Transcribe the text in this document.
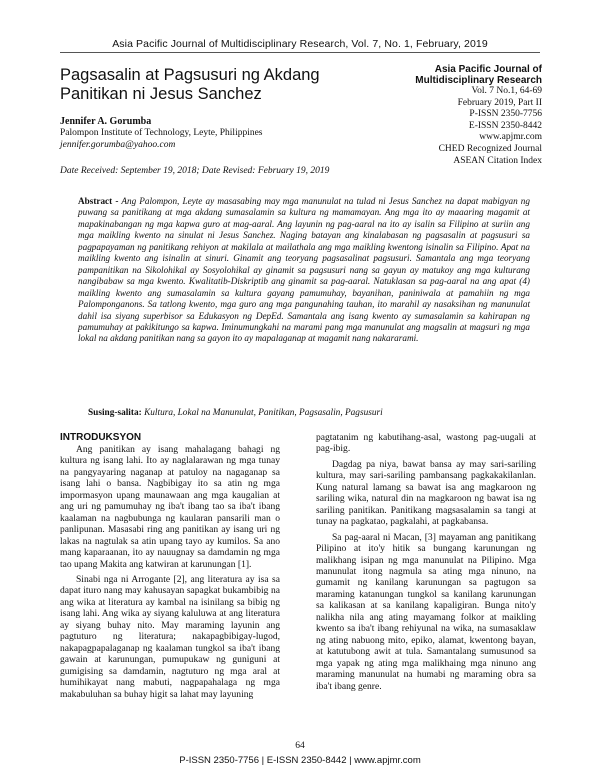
Asia Pacific Journal of Multidisciplinary Research, Vol. 7, No. 1, February, 2019
Pagsasalin at Pagsusuri ng Akdang Panitikan ni Jesus Sanchez
Jennifer A. Gorumba
Palompon Institute of Technology, Leyte, Philippines
jennifer.gorumba@yahoo.com
Date Received: September 19, 2018; Date Revised: February 19, 2019
Asia Pacific Journal of
Multidisciplinary Research
Vol. 7 No.1, 64-69
February 2019, Part II
P-ISSN 2350-7756
E-ISSN 2350-8442
www.apjmr.com
CHED Recognized Journal
ASEAN Citation Index
Abstract - Ang Palompon, Leyte ay masasabing may mga manunulat na tulad ni Jesus Sanchez na dapat mabigyan ng puwang sa panitikang at mga akdang sumasalamin sa kultura ng mamamayan. Ang mga ito ay maaaring magamit at mapakinabangan ng mga kapwa guro at mag-aaral. Ang layunin ng pag-aaral na ito ay isalin sa Filipino at suriin ang mga maikling kwento na sinulat ni Jesus Sanchez. Naging batayan ang kinalabasan ng pagsasalin at pagsusuri sa pagpapayaman ng panitikang rehiyon at makilala at mailathala ang mga maikling kwentong isinalin sa Filipino. Apat na maikling kwento ang isinalin at sinuri. Ginamit ang teoryang pagsasalinat pagsusuri. Samantala ang mga teoryang pampanitikan na Sikolohikal ay Sosyolohikal ay ginamit sa pagsusuri nang sa gayun ay matukoy ang mga kulturang nangibabaw sa mga kwento. Kwalitatib-Diskriptib ang ginamit sa pag-aaral. Natuklasan sa pag-aaral na ang apat (4) maikling kwento ang sumasalamin sa kultura gayang pamumuhay, bayanihan, paniniwala at pamahiin ng mga Palomponganons. Sa tatlong kwento, mga guro ang mga pangunahing tauhan, ito marahil ay nasaksihan ng manunulat dahil isa siyang superbisor sa Edukasyon ng DepEd. Samantala ang isang kwento ay sumasalamin sa kahirapan ng pamumuhay at pakikitungo sa kapwa. Iminumungkahi na marami pang mga manunulat ang magsalin at magsuri ng mga lokal na akdang panitikan nang sa gayon ito ay mapalaganap at magamit nang nakararami.
Susing-salita: Kultura, Lokal na Manunulat, Panitikan, Pagsasalin, Pagsusuri
INTRODUKSYON

Ang panitikan ay isang mahalagang bahagi ng kultura ng isang lahi. Ito ay naglalarawan ng mga tunay na pangyayaring naganap at patuloy na nagaganap sa isang lahi o bansa. Nagbibigay ito sa atin ng mga impormasyon upang maunawaan ang mga kaugalian at ang uri ng pamumuhay ng iba't ibang tao sa iba't ibang kaalaman na nagbubunga ng kaularan pansarili man o panlipunan. Masasabi ring ang panitikan ay isang uri ng lakas na nagtulak sa atin upang tayo ay kumilos. Sa ano mang kaparaanan, ito ay nauugnay sa damdamin ng mga tao upang Makita ang katwiran at karunungan [1].

Sinabi nga ni Arrogante [2], ang literatura ay isa sa dapat ituro nang may kahusayan sapagkat bukambibig na ang wika at literatura ay kambal na isinilang sa bibig ng isang lahi. Ang wika ay siyang kaluluwa at ang literatura ay siyang buhay nito. May maraming layunin ang pagtuturo ng literatura; nakapagbibigay-lugod, nakapagpapalaganap ng kaalaman tungkol sa iba't ibang gawain at karunungan, pumupukaw ng guniguni at gumigising sa damdamin, nagtuturo ng mga aral at humihikayat nang mabuti, nagpapahalaga ng mga makabuluhan sa buhay higit sa lahat may layuning

pagtatanim ng kabutihang-asal, wastong pag-uugali at pag-ibig.

Dagdag pa niya, bawat bansa ay may sari-sariling kultura, may sari-sariling pambansang pagkakakilanlan. Kung natural lamang sa bawat isa ang magkaroon ng sariling wika, natural din na magkaroon ng bawat isa ng sariling panitikan. Panitikang magsasalamin sa tangi at tunay na pagkatao, pagkalahi, at pagkabansa.

Sa pag-aaral ni Macan, [3] mayaman ang panitikang Pilipino at ito'y hitik sa bungang karunungan ng malikhang isipan ng mga manunulat na Pilipino. Mga manunulat itong nagmula sa ating mga ninuno, na gumamit ng kanilang karunungan sa pagtugon sa maraming katanungan tungkol sa kanilang karunungan sa kalikasan at sa kanilang kapaligiran. Bunga nito'y nalikha nila ang ating mayamang folkor at maikling kwento sa iba't ibang rehiyunal na wika, na sumasaklaw ng ating nabuong mito, epiko, alamat, kwentong bayan, at katutubong awit at tula. Samantalang sumusunod sa mga yapak ng ating mga malikhaing mga ninuno ang maraming manunulat na humabi ng maraming obra sa iba't ibang genre.

64
P-ISSN 2350-7756 | E-ISSN 2350-8442 | www.apjmr.com
